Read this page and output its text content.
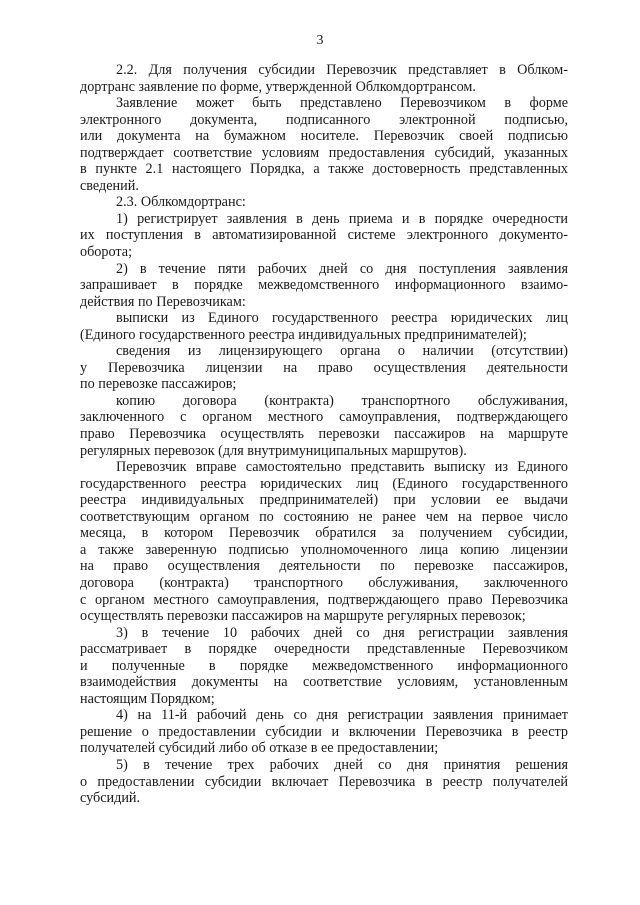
3
2.2. Для получения субсидии Перевозчик представляет в Облком-
дортранс заявление по форме, утвержденной Облкомдортрансом.
Заявление может быть представлено Перевозчиком в форме
электронного документа, подписанного электронной подписью,
или документа на бумажном носителе. Перевозчик своей подписью
подтверждает соответствие условиям предоставления субсидий, указанных
в пункте 2.1 настоящего Порядка, а также достоверность представленных
сведений.
2.3. Облкомдортранс:
1) регистрирует заявления в день приема и в порядке очередности
их поступления в автоматизированной системе электронного документо-
оборота;
2) в течение пяти рабочих дней со дня поступления заявления
запрашивает в порядке межведомственного информационного взаимо-
действия по Перевозчикам:
выписки из Единого государственного реестра юридических лиц
(Единого государственного реестра индивидуальных предпринимателей);
сведения из лицензирующего органа о наличии (отсутствии)
у Перевозчика лицензии на право осуществления деятельности
по перевозке пассажиров;
копию договора (контракта) транспортного обслуживания,
заключенного с органом местного самоуправления, подтверждающего
право Перевозчика осуществлять перевозки пассажиров на маршруте
регулярных перевозок (для внутримуниципальных маршрутов).
Перевозчик вправе самостоятельно представить выписку из Единого
государственного реестра юридических лиц (Единого государственного
реестра индивидуальных предпринимателей) при условии ее выдачи
соответствующим органом по состоянию не ранее чем на первое число
месяца, в котором Перевозчик обратился за получением субсидии,
а также заверенную подписью уполномоченного лица копию лицензии
на право осуществления деятельности по перевозке пассажиров,
договора (контракта) транспортного обслуживания, заключенного
с органом местного самоуправления, подтверждающего право Перевозчика
осуществлять перевозки пассажиров на маршруте регулярных перевозок;
3) в течение 10 рабочих дней со дня регистрации заявления
рассматривает в порядке очередности представленные Перевозчиком
и полученные в порядке межведомственного информационного
взаимодействия документы на соответствие условиям, установленным
настоящим Порядком;
4) на 11-й рабочий день со дня регистрации заявления принимает
решение о предоставлении субсидии и включении Перевозчика в реестр
получателей субсидий либо об отказе в ее предоставлении;
5) в течение трех рабочих дней со дня принятия решения
о предоставлении субсидии включает Перевозчика в реестр получателей
субсидий.
